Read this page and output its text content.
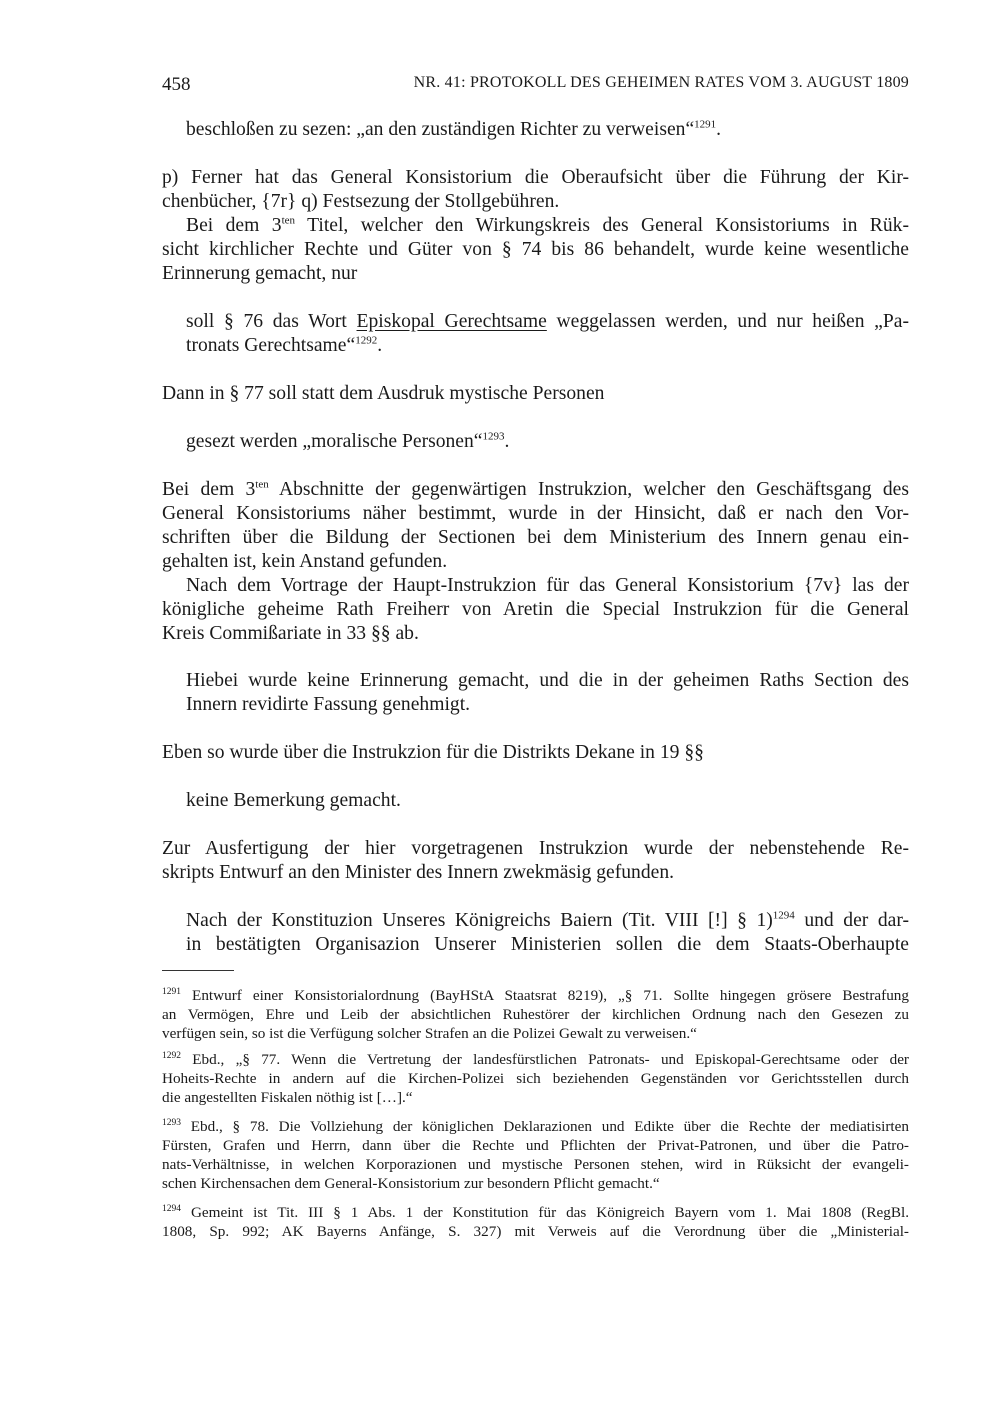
458	NR. 41: PROTOKOLL DES GEHEIMEN RATES VOM 3. AUGUST 1809

beschloßen zu sezen: „an den zuständigen Richter zu verweisen“$^{1291}$.

p) Ferner hat das General Konsistorium die Oberaufsicht über die Führung der Kir-
chenbücher, {7r} q) Festsezung der Stollgebühren.

Bei dem $3^{ten}$ Titel, welcher den Wirkungskreis des General Konsistoriums in Rük-
sicht kirchlicher Rechte und Güter von § 74 bis 86 behandelt, wurde keine wesentliche
Erinnerung gemacht, nur

soll § 76 das Wort Episkopal Gerechtsame weggelassen werden, und nur heißen „Pa-
tronats Gerechtsame“$^{1292}$.

Dann in § 77 soll statt dem Ausdruk mystische Personen

gesezt werden „moralische Personen“$^{1293}$.

Bei dem $3^{ten}$ Abschnitte der gegenwärtigen Instrukzion, welcher den Geschäftsgang des
General Konsistoriums näher bestimmt, wurde in der Hinsicht, daß er nach den Vor-
schriften über die Bildung der Sectionen bei dem Ministerium des Innern genau ein-
gehalten ist, kein Anstand gefunden.

Nach dem Vortrage der Haupt-Instrukzion für das General Konsistorium {7v} las der
königliche geheime Rath Freiherr von Aretin die Special Instrukzion für die General
Kreis Commißariate in 33 §§ ab.

Hiebei wurde keine Erinnerung gemacht, und die in der geheimen Raths Section des
Innern revidirte Fassung genehmigt.

Eben so wurde über die Instrukzion für die Distrikts Dekane in 19 §§

keine Bemerkung gemacht.

Zur Ausfertigung der hier vorgetragenen Instrukzion wurde der nebenstehende Re-
skripts Entwurf an den Minister des Innern zwekmäsig gefunden.

Nach der Konstituzion Unseres Königreichs Baiern (Tit. VIII [!] § 1)$^{1294}$ und der dar-
in bestätigten Organisazion Unserer Ministerien sollen die dem Staats-Oberhaupte

$^{1291}$ Entwurf einer Konsistorialordnung (BayHStA Staatsrat 8219), „§ 71. Sollte hingegen grösere Bestrafung
an Vermögen, Ehre und Leib der absichtlichen Ruhestörer der kirchlichen Ordnung nach den Gesezen zu
verfügen sein, so ist die Verfügung solcher Strafen an die Polizei Gewalt zu verweisen.“

$^{1292}$ Ebd., „§ 77. Wenn die Vertretung der landesfürstlichen Patronats- und Episkopal-Gerechtsame oder der
Hoheits-Rechte in andern auf die Kirchen-Polizei sich beziehenden Gegenständen vor Gerichtsstellen durch
die angestellten Fiskalen nöthig ist […].“

$^{1293}$ Ebd., § 78. Die Vollziehung der königlichen Deklarazionen und Edikte über die Rechte der mediatisirten
Fürsten, Grafen und Herrn, dann über die Rechte und Pflichten der Privat-Patronen, und über die Patro-
nats-Verhältnisse, in welchen Korporazionen und mystische Personen stehen, wird in Rüksicht der evangeli-
schen Kirchensachen dem General-Konsistorium zur besondern Pflicht gemacht.“

$^{1294}$ Gemeint ist Tit. III § 1 Abs. 1 der Konstitution für das Königreich Bayern vom 1. Mai 1808 (RegBl.
1808, Sp. 992; AK Bayerns Anfänge, S. 327) mit Verweis auf die Verordnung über die „Ministerial-
